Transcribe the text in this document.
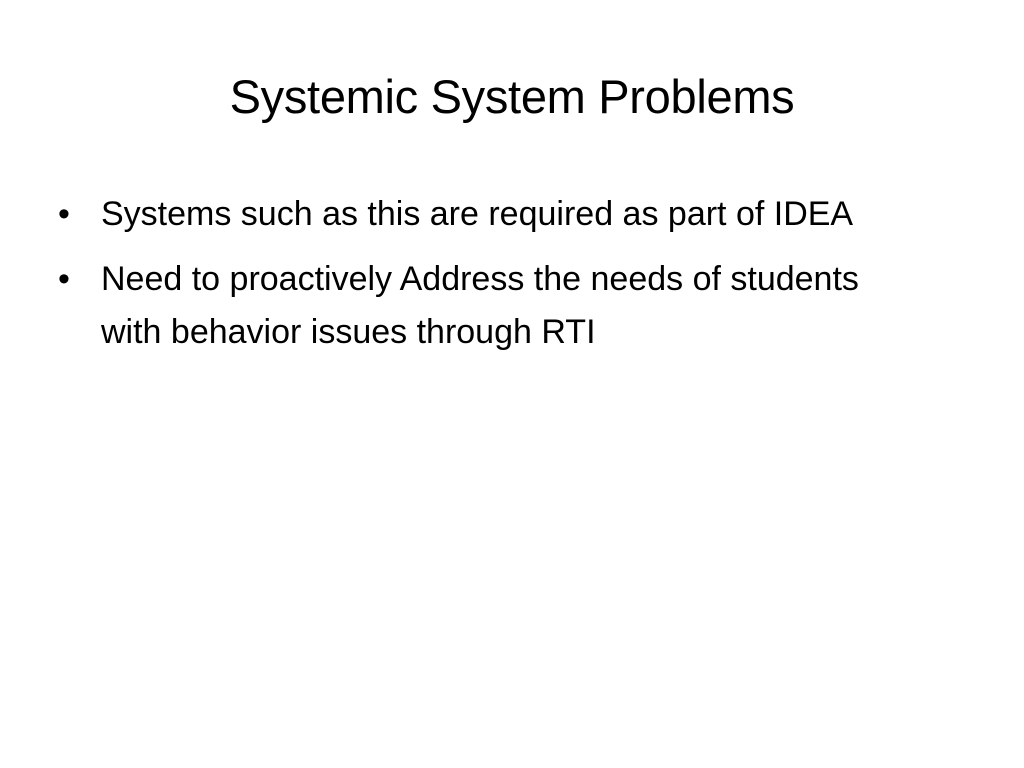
Systemic System Problems
• Systems such as this are required as part of IDEA
• Need to proactively Address the needs of students with behavior issues through RTI
